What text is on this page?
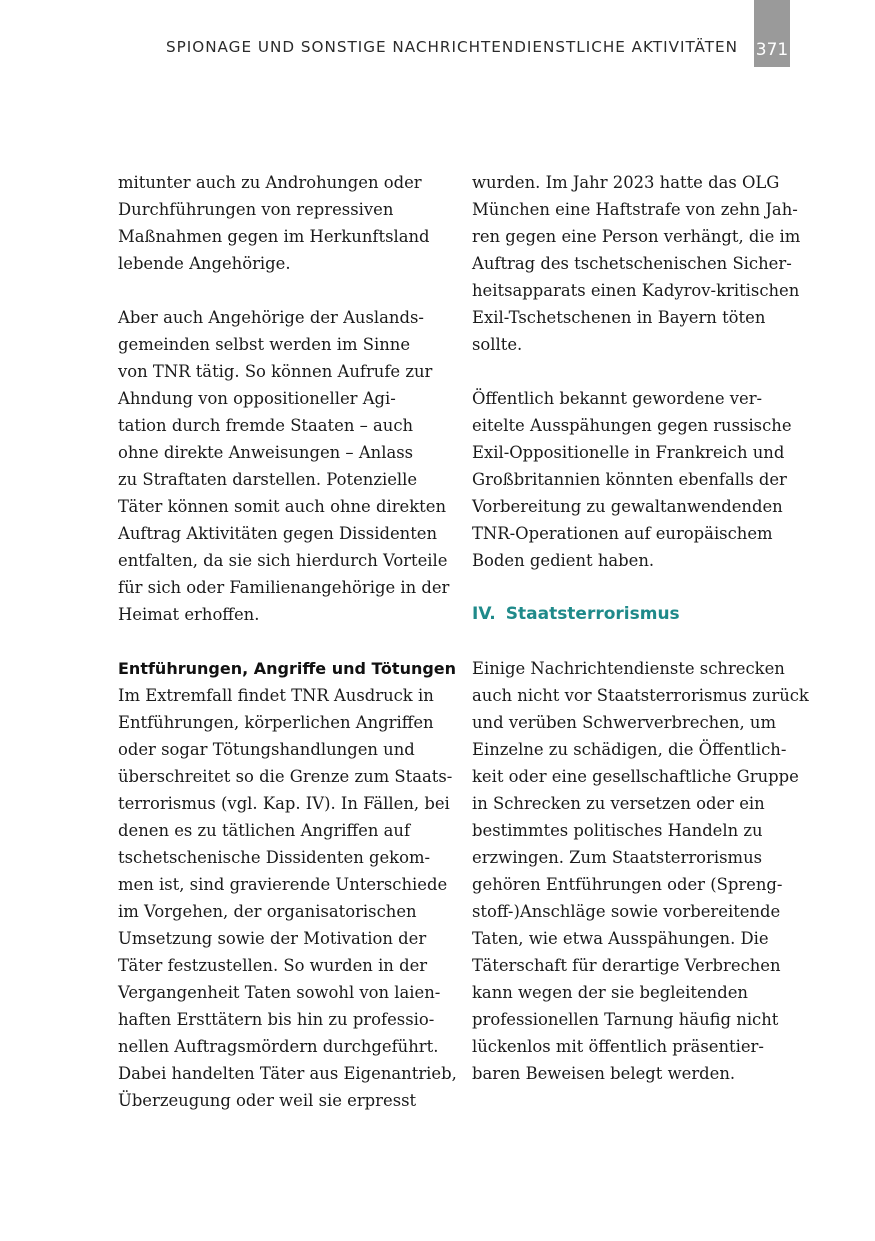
SPIONAGE UND SONSTIGE NACHRICHTENDIENSTLICHE AKTIVITÄTEN 371
mitunter auch zu Androhungen oder
Durchführungen von repressiven
Maßnahmen gegen im Herkunftsland
lebende Angehörige.
Aber auch Angehörige der Auslands-
gemeinden selbst werden im Sinne
von TNR tätig. So können Aufrufe zur
Ahndung von oppositioneller Agi-
tation durch fremde Staaten – auch
ohne direkte Anweisungen – Anlass
zu Straftaten darstellen. Potenzielle
Täter können somit auch ohne direkten
Auftrag Aktivitäten gegen Dissidenten
entfalten, da sie sich hierdurch Vorteile
für sich oder Familienangehörige in der
Heimat erhoffen.
Entführungen, Angriffe und Tötungen
Im Extremfall findet TNR Ausdruck in
Entführungen, körperlichen Angriffen
oder sogar Tötungshandlungen und
überschreitet so die Grenze zum Staats-
terrorismus (vgl. Kap. IV). In Fällen, bei
denen es zu tätlichen Angriffen auf
tschetschenische Dissidenten gekom-
men ist, sind gravierende Unterschiede
im Vorgehen, der organisatorischen
Umsetzung sowie der Motivation der
Täter festzustellen. So wurden in der
Vergangenheit Taten sowohl von laien-
haften Ersttätern bis hin zu professio-
nellen Auftragsmördern durchgeführt.
Dabei handelten Täter aus Eigenantrieb,
Überzeugung oder weil sie erpresst
wurden. Im Jahr 2023 hatte das OLG
München eine Haftstrafe von zehn Jah-
ren gegen eine Person verhängt, die im
Auftrag des tschetschenischen Sicher-
heitsapparats einen Kadyrov-kritischen
Exil-Tschetschenen in Bayern töten
sollte.
Öffentlich bekannt gewordene ver-
eitelte Ausspähungen gegen russische
Exil-Oppositionelle in Frankreich und
Großbritannien könnten ebenfalls der
Vorbereitung zu gewaltanwendenden
TNR-Operationen auf europäischem
Boden gedient haben.
IV. Staatsterrorismus
Einige Nachrichtendienste schrecken
auch nicht vor Staatsterrorismus zurück
und verüben Schwerverbrechen, um
Einzelne zu schädigen, die Öffentlich-
keit oder eine gesellschaftliche Gruppe
in Schrecken zu versetzen oder ein
bestimmtes politisches Handeln zu
erzwingen. Zum Staatsterrorismus
gehören Entführungen oder (Spreng-
stoff-)Anschläge sowie vorbereitende
Taten, wie etwa Ausspähungen. Die
Täterschaft für derartige Verbrechen
kann wegen der sie begleitenden
professionellen Tarnung häufig nicht
lückenlos mit öffentlich präsentier-
baren Beweisen belegt werden.
